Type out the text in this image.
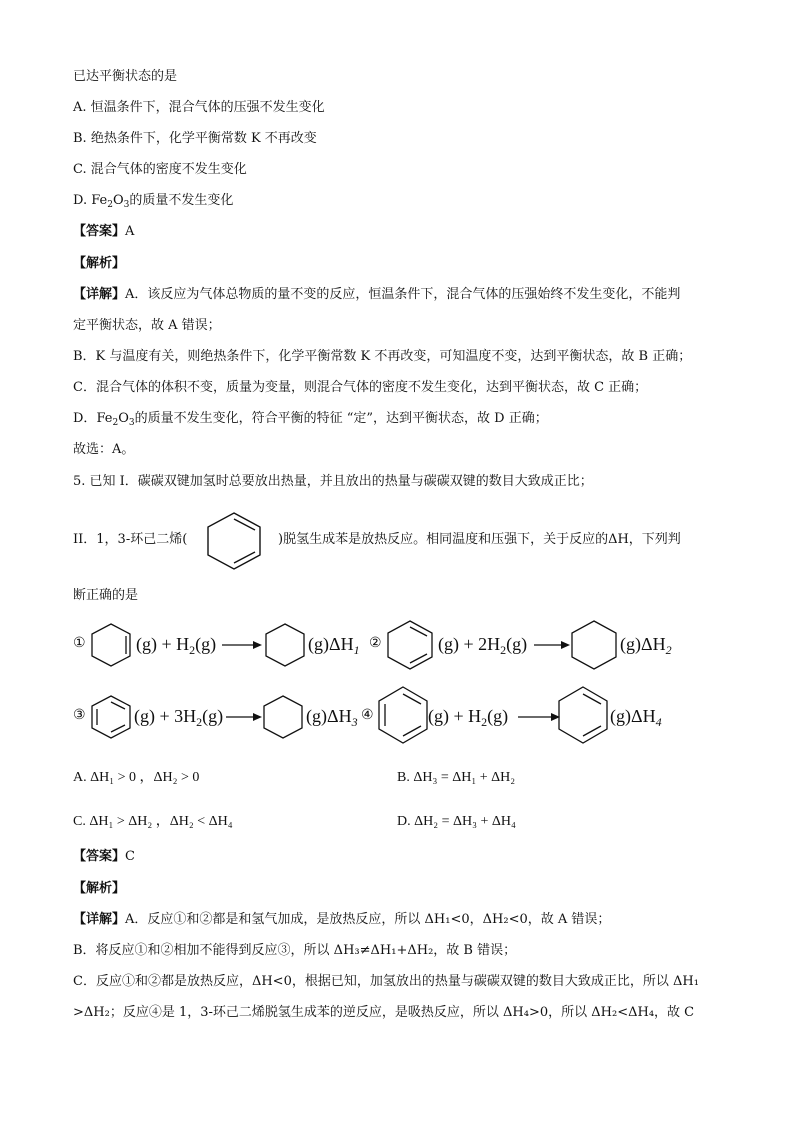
已达平衡状态的是
A. 恒温条件下，混合气体的压强不发生变化
B. 绝热条件下，化学平衡常数 K 不再改变
C. 混合气体的密度不发生变化
D. $Fe_2O_3$的质量不发生变化
【答案】A
【解析】
【详解】A．该反应为气体总物质的量不变的反应，恒温条件下，混合气体的压强始终不发生变化，不能判
定平衡状态，故 A 错误；
B．K 与温度有关，则绝热条件下，化学平衡常数 K 不再改变，可知温度不变，达到平衡状态，故 B 正确；
C．混合气体的体积不变，质量为变量，则混合气体的密度不发生变化，达到平衡状态，故 C 正确；
D．$Fe_2O_3$的质量不发生变化，符合平衡的特征 “定”，达到平衡状态，故 D 正确；
故选：A。
5. 已知 I．碳碳双键加氢时总要放出热量，并且放出的热量与碳碳双键的数目大致成正比；
II．1，3-环己二烯(	)脱氢生成苯是放热反应。相同温度和压强下，关于反应的ΔH，下列判
断正确的是
①	$(g) + H_2(g)$	$(g)\Delta H_1$ ②	$(g) + 2H_2(g)$	$(g)\Delta H_2$
③	$(g) + 3H_2(g)$	$(g)\Delta H_3$ ④	$(g) + H_2(g)$	$(g)\Delta H_4$
A. ΔH₁ > 0 ，ΔH₂ > 0	B. ΔH₃ = ΔH₁ + ΔH₂
C. ΔH₁ > ΔH₂ ，ΔH₂ < ΔH₄	D. ΔH₂ = ΔH₃ + ΔH₄
【答案】C
【解析】
【详解】A．反应①和②都是和氢气加成，是放热反应，所以 ΔH₁<0，ΔH₂<0，故 A 错误；
B．将反应①和②相加不能得到反应③，所以 ΔH₃≠ΔH₁+ΔH₂，故 B 错误；
C．反应①和②都是放热反应，ΔH<0，根据已知，加氢放出的热量与碳碳双键的数目大致成正比，所以 ΔH₁
>ΔH₂；反应④是 1，3-环己二烯脱氢生成苯的逆反应，是吸热反应，所以 ΔH₄>0，所以 ΔH₂<ΔH₄，故 C
